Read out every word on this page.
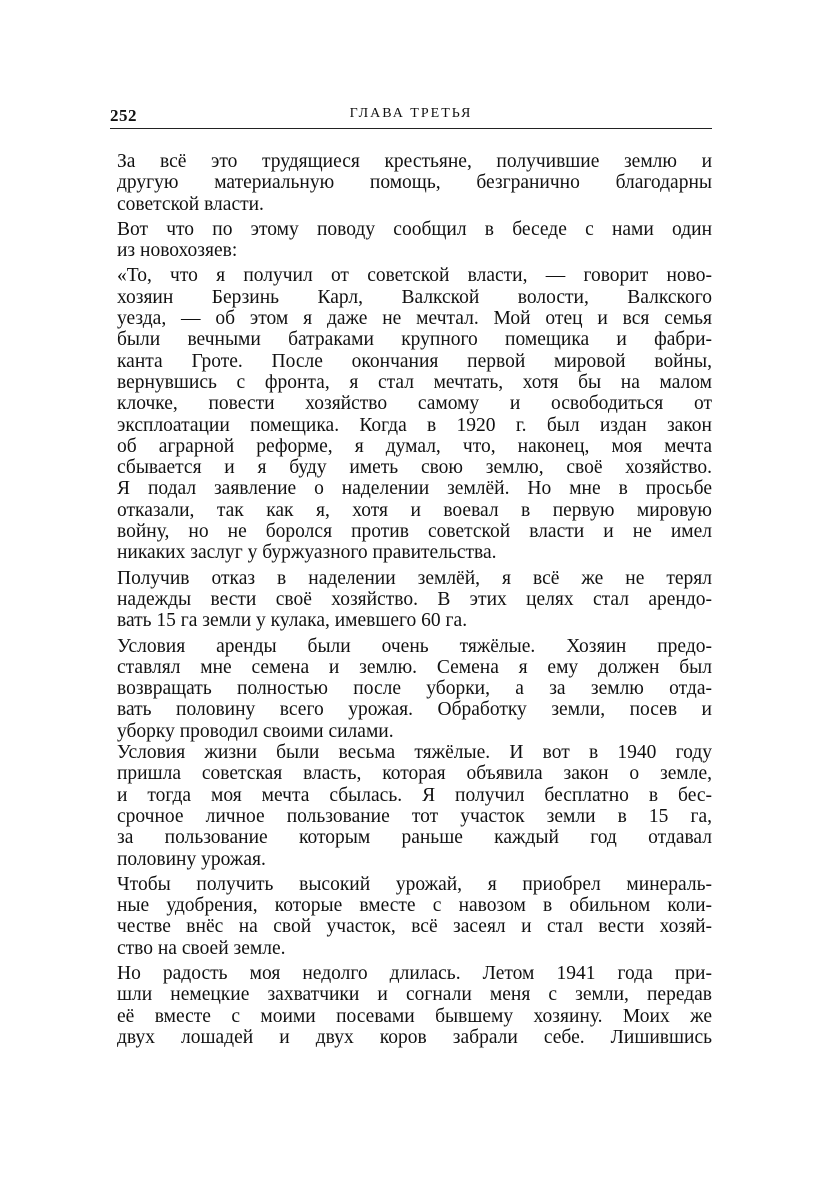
252	ГЛАВА ТРЕТЬЯ

За всё это трудящиеся крестьяне, получившие землю и
другую материальную помощь, безгранично благодарны
советской власти.

Вот что по этому поводу сообщил в беседе с нами один
из новохозяев:

«То, что я получил от советской власти, — говорит ново-
хозяин Берзинь Карл, Валкской волости, Валкского
уезда, — об этом я даже не мечтал. Мой отец и вся семья
были вечными батраками крупного помещика и фабри-
канта Гроте. После окончания первой мировой войны,
вернувшись с фронта, я стал мечтать, хотя бы на малом
клочке, повести хозяйство самому и освободиться от
эксплоатации помещика. Когда в 1920 г. был издан закон
об аграрной реформе, я думал, что, наконец, моя мечта
сбывается и я буду иметь свою землю, своё хозяйство.
Я подал заявление о наделении землёй. Но мне в просьбе
отказали, так как я, хотя и воевал в первую мировую
войну, но не боролся против советской власти и не имел
никаких заслуг у буржуазного правительства.

Получив отказ в наделении землёй, я всё же не терял
надежды вести своё хозяйство. В этих целях стал арендо-
вать 15 га земли у кулака, имевшего 60 га.

Условия аренды были очень тяжёлые. Хозяин предо-
ставлял мне семена и землю. Семена я ему должен был
возвращать полностью после уборки, а за землю отда-
вать половину всего урожая. Обработку земли, посев и
уборку проводил своими силами.

Условия жизни были весьма тяжёлые. И вот в 1940 году
пришла советская власть, которая объявила закон о земле,
и тогда моя мечта сбылась. Я получил бесплатно в бес-
срочное личное пользование тот участок земли в 15 га,
за пользование которым раньше каждый год отдавал
половину урожая.

Чтобы получить высокий урожай, я приобрел минераль-
ные удобрения, которые вместе с навозом в обильном коли-
честве внёс на свой участок, всё засеял и стал вести хозяй-
ство на своей земле.

Но радость моя недолго длилась. Летом 1941 года при-
шли немецкие захватчики и согнали меня с земли, передав
её вместе с моими посевами бывшему хозяину. Моих же
двух лошадей и двух коров забрали себе. Лишившись
